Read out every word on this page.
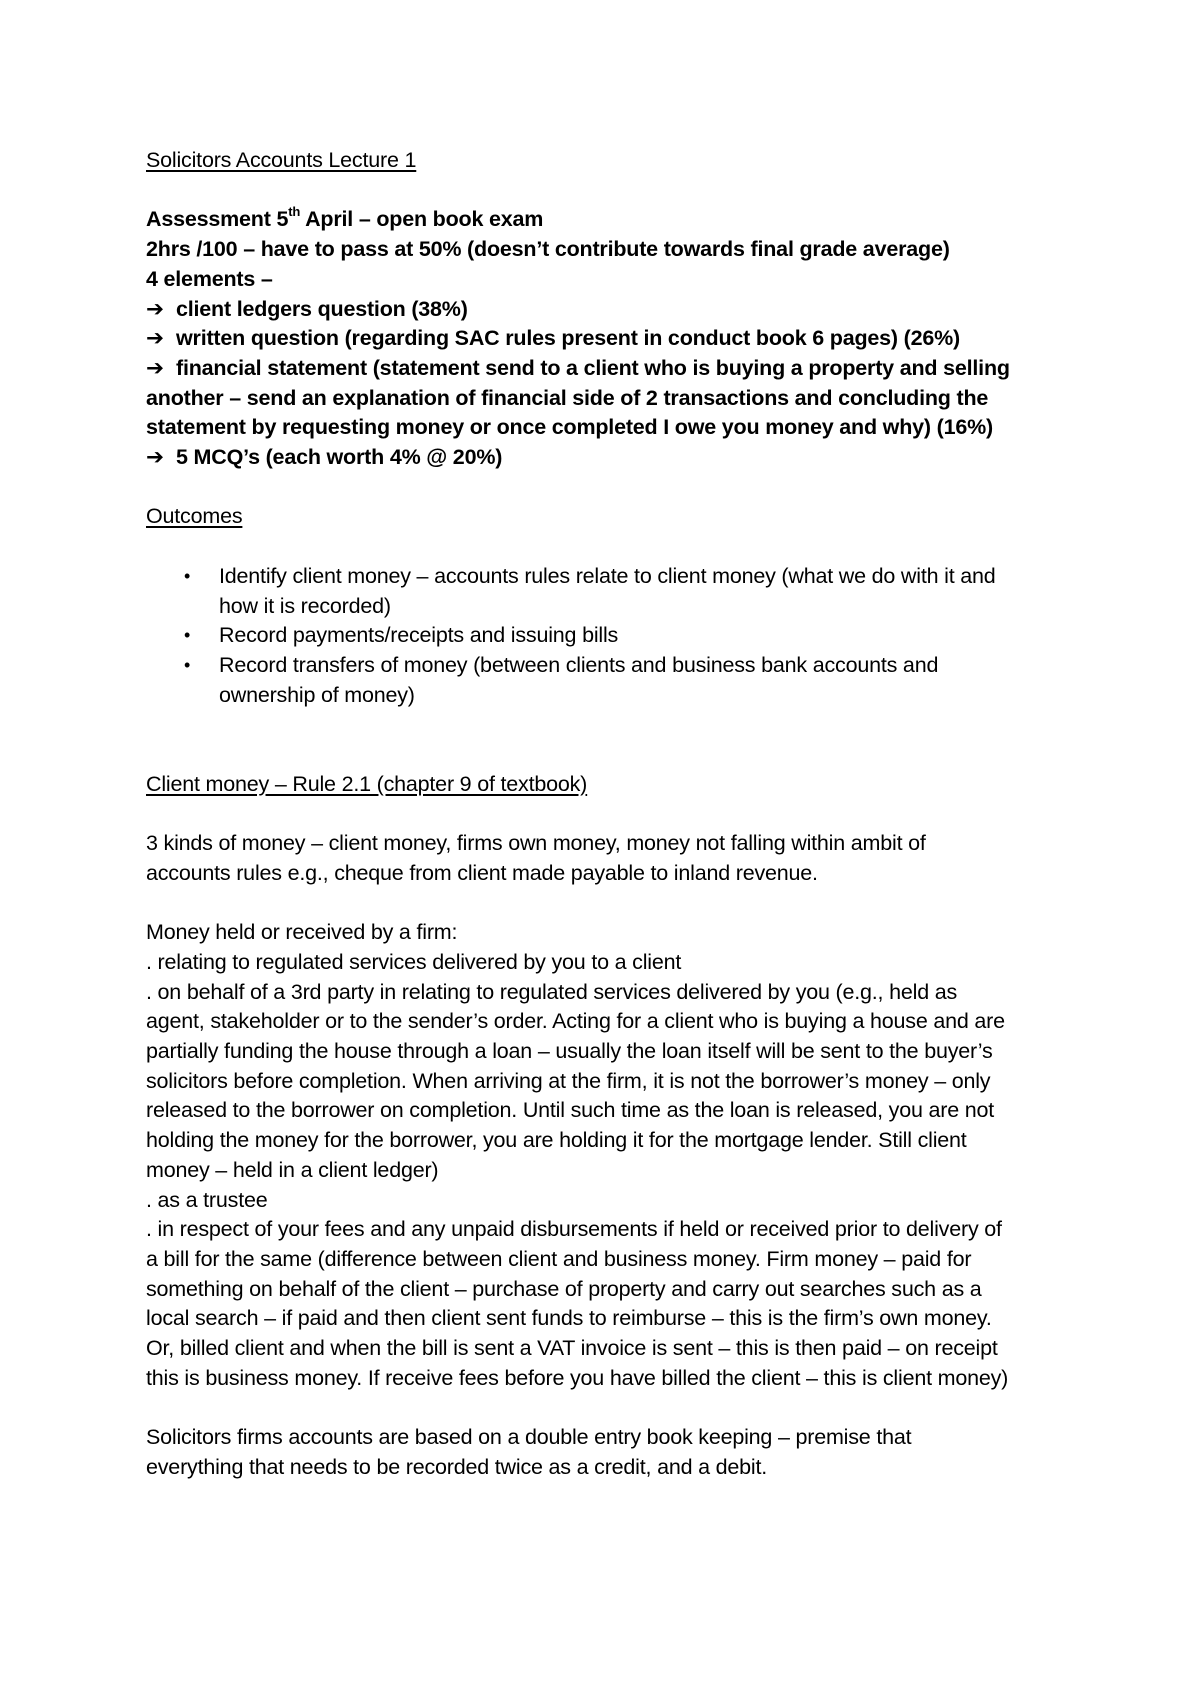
Solicitors Accounts Lecture 1
Assessment 5th April – open book exam
2hrs /100 – have to pass at 50% (doesn’t contribute towards final grade average)
4 elements –
➔ client ledgers question (38%)
➔ written question (regarding SAC rules present in conduct book 6 pages) (26%)
➔ financial statement (statement send to a client who is buying a property and selling
another – send an explanation of financial side of 2 transactions and concluding the
statement by requesting money or once completed I owe you money and why) (16%)
➔ 5 MCQ’s (each worth 4% @ 20%)
Outcomes
• Identify client money – accounts rules relate to client money (what we do with it and
how it is recorded)
• Record payments/receipts and issuing bills
• Record transfers of money (between clients and business bank accounts and
ownership of money)
Client money – Rule 2.1 (chapter 9 of textbook)
3 kinds of money – client money, firms own money, money not falling within ambit of
accounts rules e.g., cheque from client made payable to inland revenue.
Money held or received by a firm:
. relating to regulated services delivered by you to a client
. on behalf of a 3rd party in relating to regulated services delivered by you (e.g., held as
agent, stakeholder or to the sender’s order. Acting for a client who is buying a house and are
partially funding the house through a loan – usually the loan itself will be sent to the buyer’s
solicitors before completion. When arriving at the firm, it is not the borrower’s money – only
released to the borrower on completion. Until such time as the loan is released, you are not
holding the money for the borrower, you are holding it for the mortgage lender. Still client
money – held in a client ledger)
. as a trustee
. in respect of your fees and any unpaid disbursements if held or received prior to delivery of
a bill for the same (difference between client and business money. Firm money – paid for
something on behalf of the client – purchase of property and carry out searches such as a
local search – if paid and then client sent funds to reimburse – this is the firm’s own money.
Or, billed client and when the bill is sent a VAT invoice is sent – this is then paid – on receipt
this is business money. If receive fees before you have billed the client – this is client money)
Solicitors firms accounts are based on a double entry book keeping – premise that
everything that needs to be recorded twice as a credit, and a debit.
